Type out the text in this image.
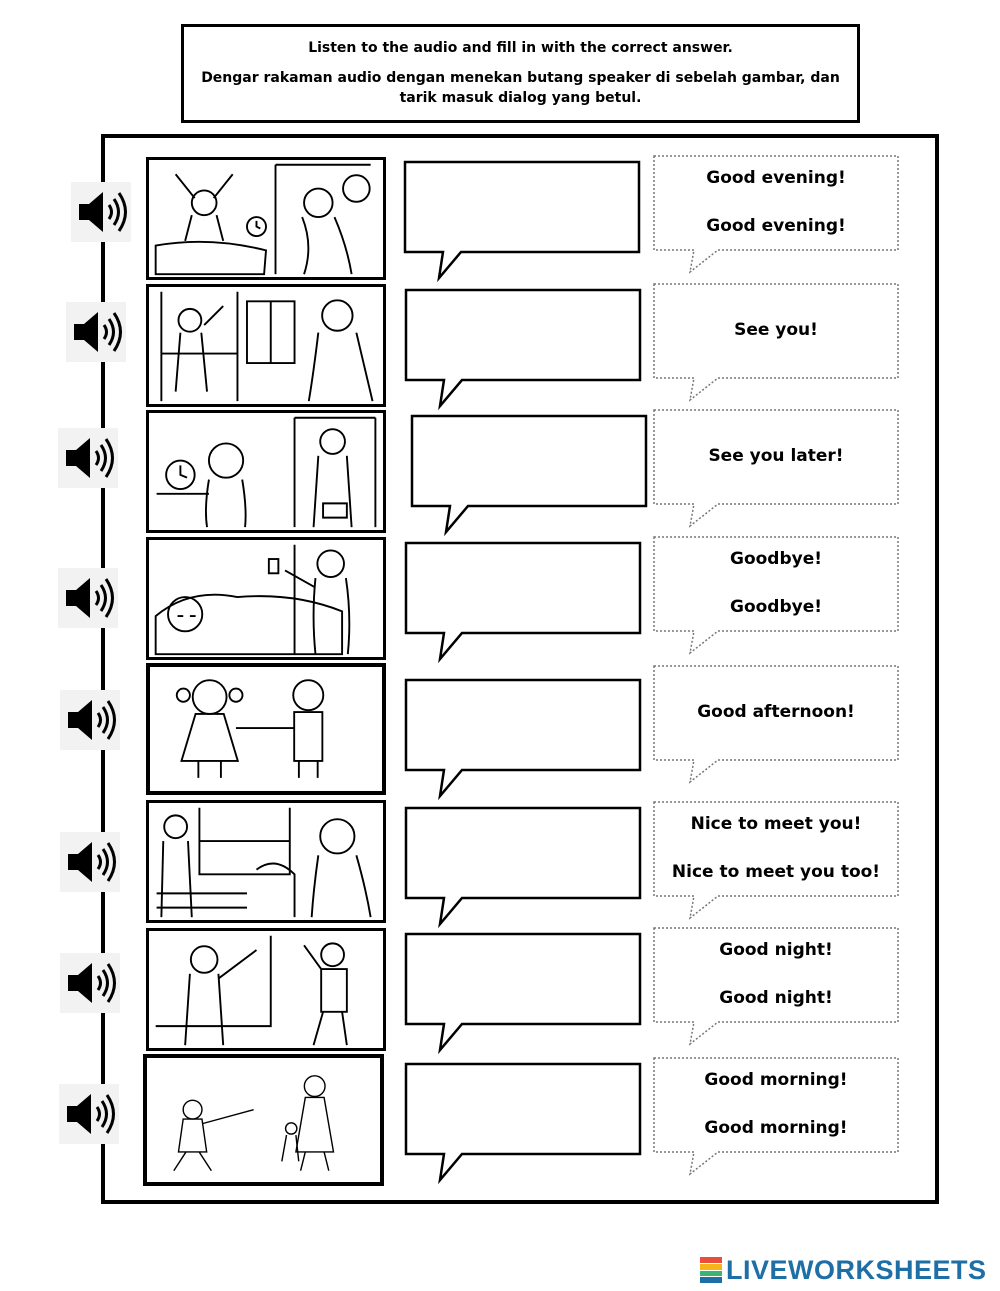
Listen to the audio and fill in with the correct answer.
Dengar rakaman audio dengan menekan butang speaker di sebelah gambar, dan tarik masuk dialog yang betul.
Good evening!
Good evening!
See you!
See you later!
Goodbye!
Goodbye!
Good afternoon!
Nice to meet you!
Nice to meet you too!
Good night!
Good night!
Good morning!
Good morning!
LIVEWORKSHEETS
